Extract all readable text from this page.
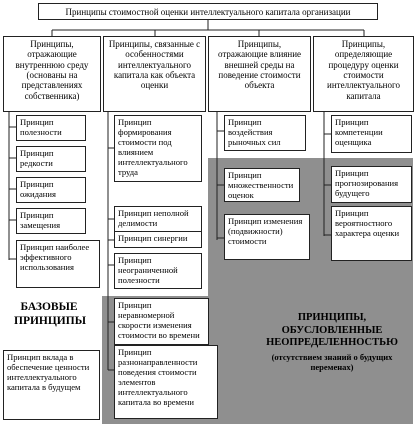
Принципы стоимостной оценки интеллектуального капитала организации
Принципы, отражающие внутреннюю среду (основаны на представлениях собственника)
Принципы, связанные с особенностями интеллектуального капитала как объекта оценки
Принципы, отражающие влияние внешней среды на поведение стоимости объекта
Принципы, определяющие процедуру оценки стоимости интеллектуального капитала
Принцип полезности
Принцип редкости
Принцип ожидания
Принцип замещения
Принцип наиболее эффективного использования
Принцип вклада в обеспечение ценности интеллектуального капитала в будущем
Принцип формирования стоимости под влиянием интеллектуального труда
Принцип неполной делимости
Принцип синергии
Принцип неограниченной полезности
Принцип неравномерной скорости изменения стоимости во времени
Принцип разнонаправленности поведения стоимости элементов интеллектуального капитала во времени
Принцип воздействия рыночных сил
Принцип множественности оценок
Принцип изменения (подвижности) стоимости
Принцип компетенции оценщика
Принцип прогнозирования будущего
Принцип вероятностного характера оценки
БАЗОВЫЕ ПРИНЦИПЫ	ПРИНЦИПЫ, ОБУСЛОВЛЕННЫЕ НЕОПРЕДЕЛЕННОСТЬЮ
(отсутствием знаний о будущих переменах)
